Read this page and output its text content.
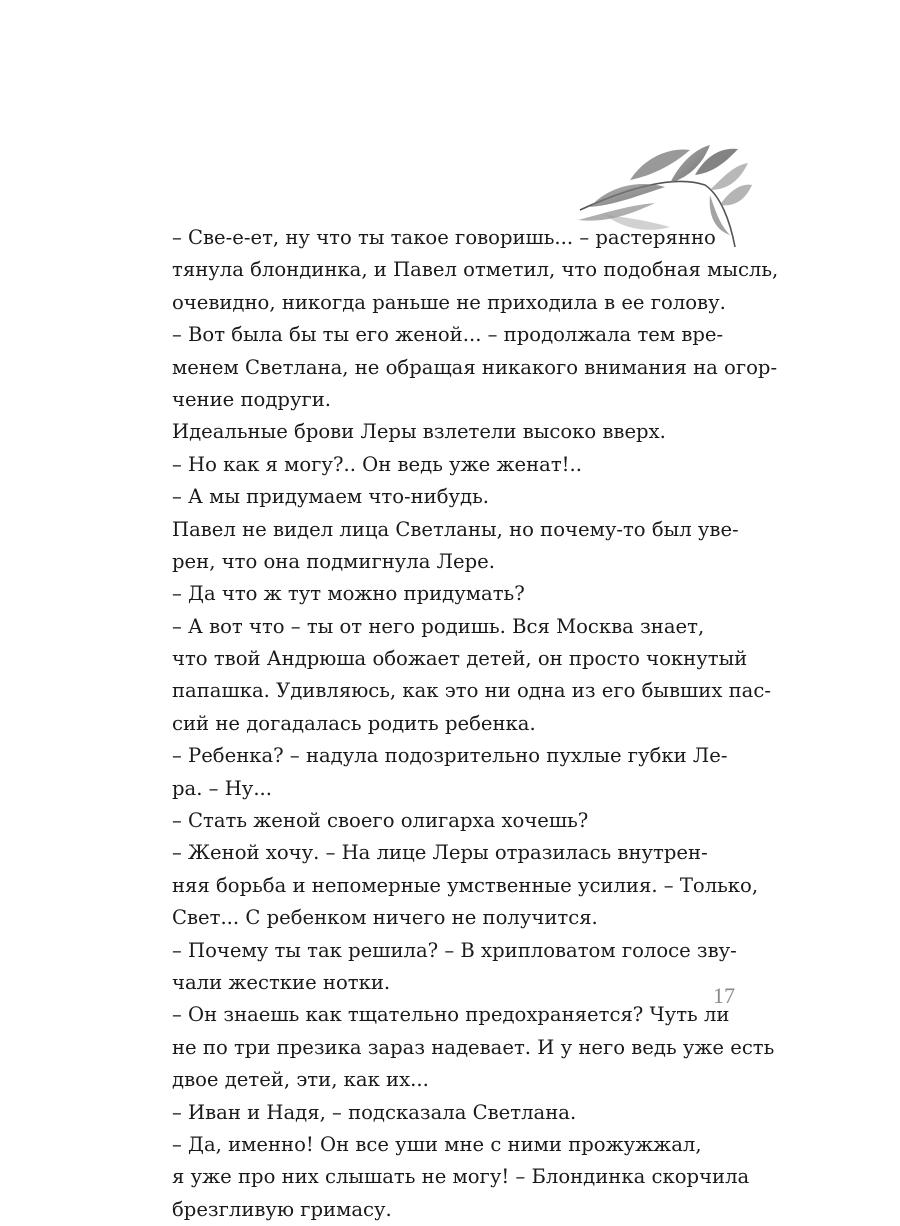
– Све-е-ет, ну что ты такое говоришь... – растерянно
тянула блондинка, и Павел отметил, что подобная мысль,
очевидно, никогда раньше не приходила в ее голову.
– Вот была бы ты его женой... – продолжала тем вре-
менем Светлана, не обращая никакого внимания на огор-
чение подруги.
Идеальные брови Леры взлетели высоко вверх.
– Но как я могу?.. Он ведь уже женат!..
– А мы придумаем что-нибудь.
Павел не видел лица Светланы, но почему-то был уве-
рен, что она подмигнула Лере.
– Да что ж тут можно придумать?
– А вот что – ты от него родишь. Вся Москва знает,
что твой Андрюша обожает детей, он просто чокнутый
папашка. Удивляюсь, как это ни одна из его бывших пас-
сий не догадалась родить ребенка.
– Ребенка? – надула подозрительно пухлые губки Ле-
ра. – Ну...
– Стать женой своего олигарха хочешь?
– Женой хочу. – На лице Леры отразилась внутрен-
няя борьба и непомерные умственные усилия. – Только,
Свет... С ребенком ничего не получится.
– Почему ты так решила? – В хрипловатом голосе зву-
чали жесткие нотки.
– Он знаешь как тщательно предохраняется? Чуть ли
не по три презика зараз надевает. И у него ведь уже есть
двое детей, эти, как их...
– Иван и Надя, – подсказала Светлана.
– Да, именно! Он все уши мне с ними прожужжал,
я уже про них слышать не могу! – Блондинка скорчила
брезгливую гримасу.
17
